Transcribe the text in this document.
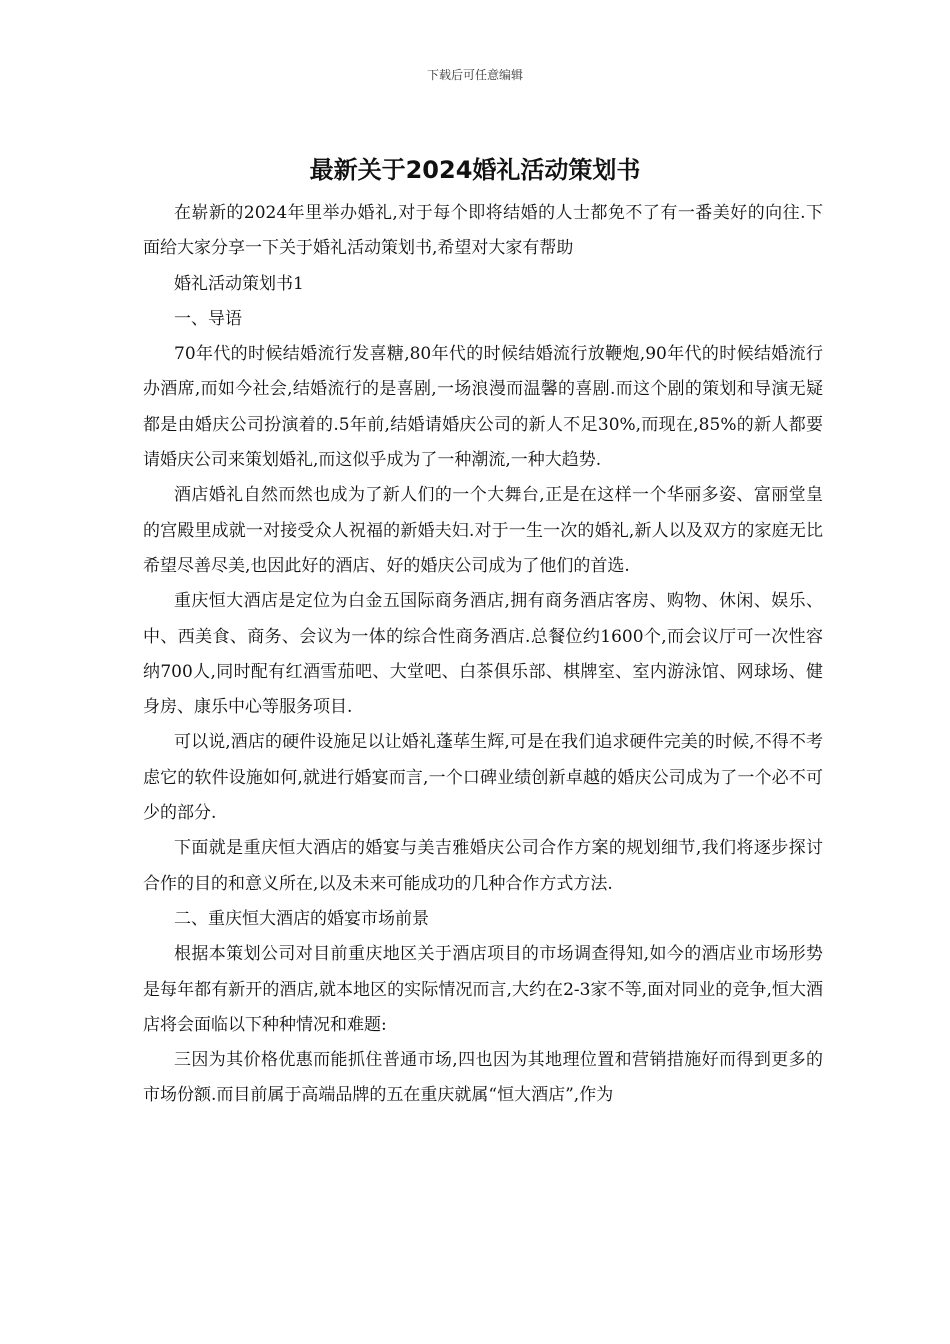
下载后可任意编辑
最新关于2024婚礼活动策划书

在崭新的2024年里举办婚礼,对于每个即将结婚的人士都免不了有一番美好的向往.下面给大家分享一下关于婚礼活动策划书,希望对大家有帮助

婚礼活动策划书1

一、导语

70年代的时候结婚流行发喜糖,80年代的时候结婚流行放鞭炮,90年代的时候结婚流行办酒席,而如今社会,结婚流行的是喜剧,一场浪漫而温馨的喜剧.而这个剧的策划和导演无疑都是由婚庆公司扮演着的.5年前,结婚请婚庆公司的新人不足30%,而现在,85%的新人都要请婚庆公司来策划婚礼,而这似乎成为了一种潮流,一种大趋势.

酒店婚礼自然而然也成为了新人们的一个大舞台,正是在这样一个华丽多姿、富丽堂皇的宫殿里成就一对接受众人祝福的新婚夫妇.对于一生一次的婚礼,新人以及双方的家庭无比希望尽善尽美,也因此好的酒店、好的婚庆公司成为了他们的首选.

重庆恒大酒店是定位为白金五国际商务酒店,拥有商务酒店客房、购物、休闲、娱乐、中、西美食、商务、会议为一体的综合性商务酒店.总餐位约1600个,而会议厅可一次性容纳700人,同时配有红酒雪茄吧、大堂吧、白茶俱乐部、棋牌室、室内游泳馆、网球场、健身房、康乐中心等服务项目.

可以说,酒店的硬件设施足以让婚礼蓬荜生辉,可是在我们追求硬件完美的时候,不得不考虑它的软件设施如何,就进行婚宴而言,一个口碑业绩创新卓越的婚庆公司成为了一个必不可少的部分.

下面就是重庆恒大酒店的婚宴与美吉雅婚庆公司合作方案的规划细节,我们将逐步探讨合作的目的和意义所在,以及未来可能成功的几种合作方式方法.

二、重庆恒大酒店的婚宴市场前景

根据本策划公司对目前重庆地区关于酒店项目的市场调查得知,如今的酒店业市场形势是每年都有新开的酒店,就本地区的实际情况而言,大约在2-3家不等,面对同业的竞争,恒大酒店将会面临以下种种情况和难题:

三因为其价格优惠而能抓住普通市场,四也因为其地理位置和营销措施好而得到更多的市场份额.而目前属于高端品牌的五在重庆就属“恒大酒店”,作为
